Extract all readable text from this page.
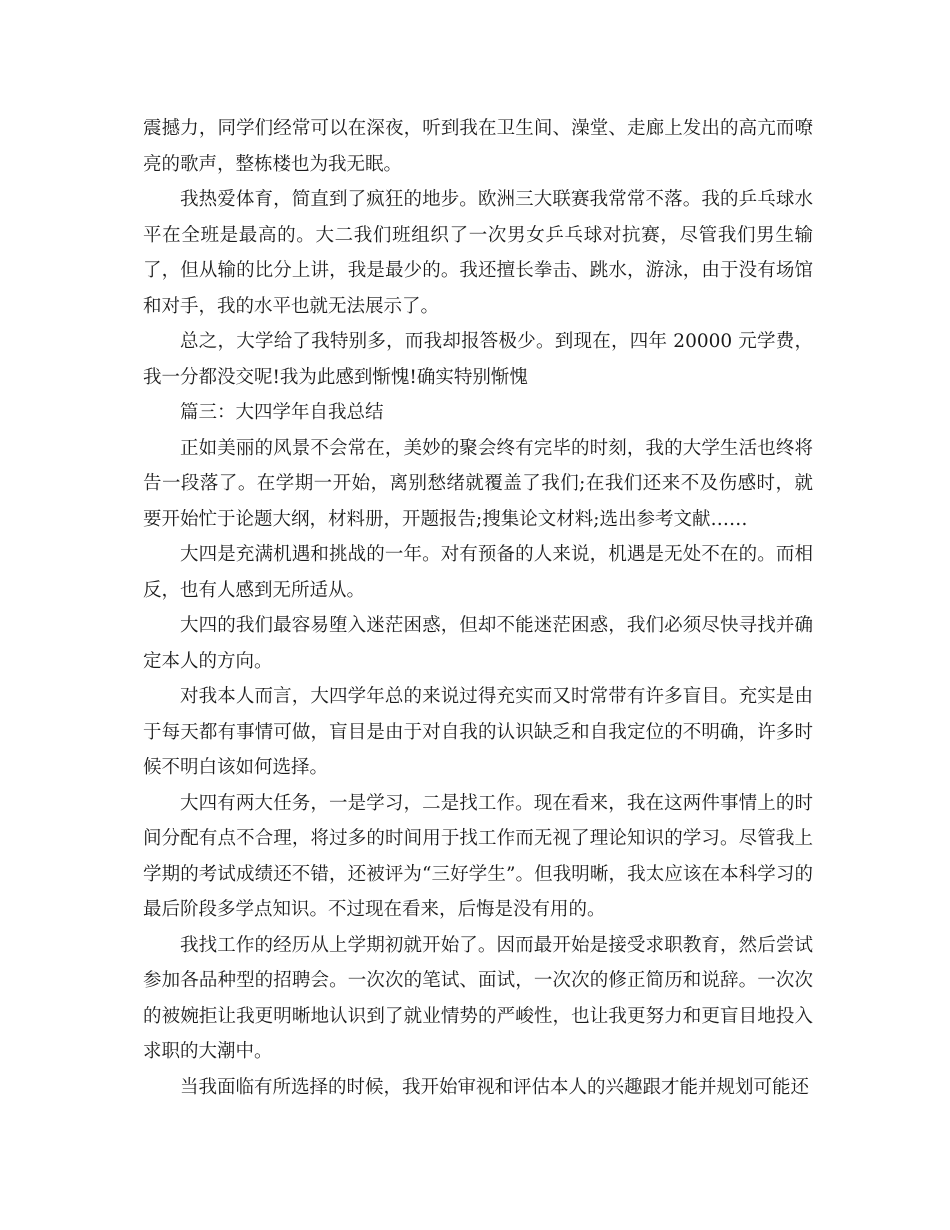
震撼力，同学们经常可以在深夜，听到我在卫生间、澡堂、走廊上发出的高亢而嘹亮的歌声，整栋楼也为我无眠。

我热爱体育，简直到了疯狂的地步。欧洲三大联赛我常常不落。我的乒乓球水平在全班是最高的。大二我们班组织了一次男女乒乓球对抗赛，尽管我们男生输了，但从输的比分上讲，我是最少的。我还擅长拳击、跳水，游泳，由于没有场馆和对手，我的水平也就无法展示了。

总之，大学给了我特别多，而我却报答极少。到现在，四年 20000 元学费，我一分都没交呢!我为此感到惭愧!确实特别惭愧

篇三：大四学年自我总结

正如美丽的风景不会常在，美妙的聚会终有完毕的时刻，我的大学生活也终将告一段落了。在学期一开始，离别愁绪就覆盖了我们;在我们还来不及伤感时，就要开始忙于论题大纲，材料册，开题报告;搜集论文材料;选出参考文献……

大四是充满机遇和挑战的一年。对有预备的人来说，机遇是无处不在的。而相反，也有人感到无所适从。

大四的我们最容易堕入迷茫困惑，但却不能迷茫困惑，我们必须尽快寻找并确定本人的方向。

对我本人而言，大四学年总的来说过得充实而又时常带有许多盲目。充实是由于每天都有事情可做，盲目是由于对自我的认识缺乏和自我定位的不明确，许多时候不明白该如何选择。

大四有两大任务，一是学习，二是找工作。现在看来，我在这两件事情上的时间分配有点不合理，将过多的时间用于找工作而无视了理论知识的学习。尽管我上学期的考试成绩还不错，还被评为“三好学生”。但我明晰，我太应该在本科学习的最后阶段多学点知识。不过现在看来，后悔是没有用的。

我找工作的经历从上学期初就开始了。因而最开始是接受求职教育，然后尝试参加各品种型的招聘会。一次次的笔试、面试，一次次的修正简历和说辞。一次次的被婉拒让我更明晰地认识到了就业情势的严峻性，也让我更努力和更盲目地投入求职的大潮中。

当我面临有所选择的时候，我开始审视和评估本人的兴趣跟才能并规划可能还
